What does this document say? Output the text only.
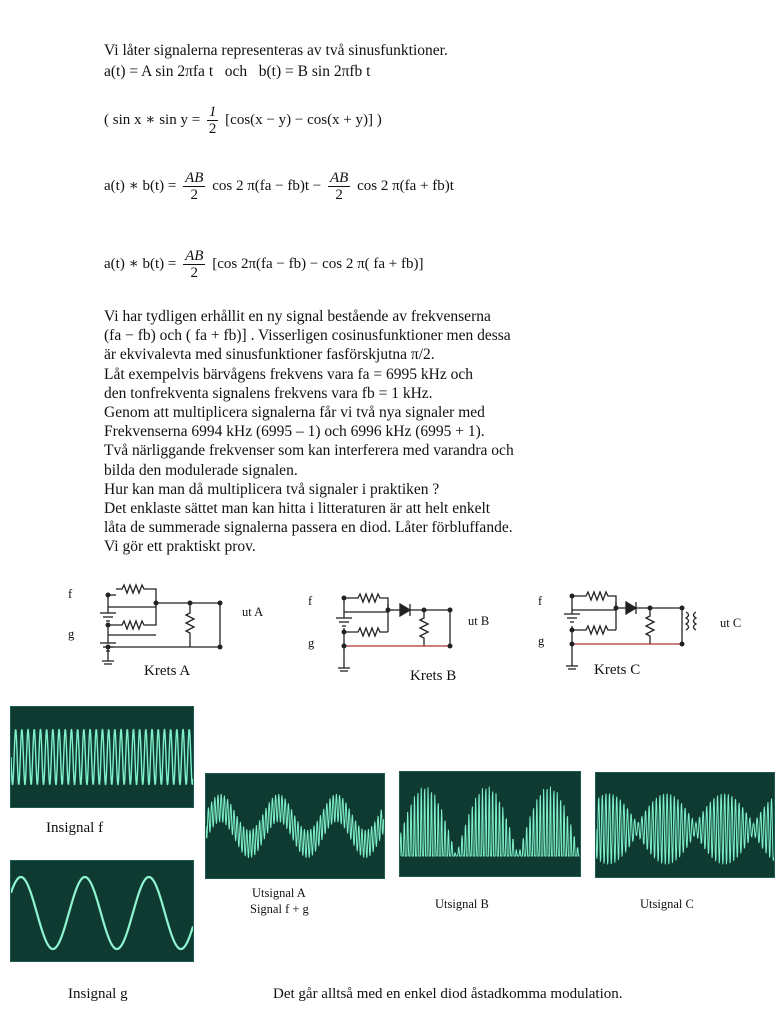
Vi låter signalerna representeras av två sinusfunktioner.
a(t) = A sin 2πfa t och b(t) = B sin 2πfb t
( sin x ∗ $\sin y = \frac{1}{2} [\cos(x - y) - \cos(x + y)]$ )
a(t) ∗ $b(t) = \frac{AB}{2}$ cos 2 $\pi(fa - fb)t - \frac{AB}{2}$ cos 2 π(fa + fb)t
a(t) ∗ $b(t) = \frac{AB}{2} [\cos$ 2π(fa − fb) − cos 2 π( fa + fb)]
Vi har tydligen erhållit en ny signal bestående av frekvenserna
(fa − fb) och ( fa + fb)] . Visserligen cosinusfunktioner men dessa
är ekvivalevta med sinusfunktioner fasförskjutna π/2.
Låt exempelvis bärvågens frekvens vara fa = 6995 kHz och
den tonfrekventa signalens frekvens vara fb = 1 kHz.
Genom att multiplicera signalerna får vi två nya signaler med
Frekvenserna 6994 kHz (6995 – 1) och 6996 kHz (6995 + 1).
Två närliggande frekvenser som kan interferera med varandra och
bilda den modulerade signalen.
Hur kan man då multiplicera två signaler i praktiken ?
Det enklaste sättet man kan hitta i litteraturen är att helt enkelt
låta de summerade signalerna passera en diod. Låter förbluffande.
Vi gör ett praktiskt prov.
f
g
ut A
Krets A
f
g
ut B
Krets B
f
g
ut C
Krets C
Insignal f
Insignal g
Utsignal A
Signal f + g	Utsignal B	Utsignal C
Det går alltså med en enkel diod åstadkomma modulation.
